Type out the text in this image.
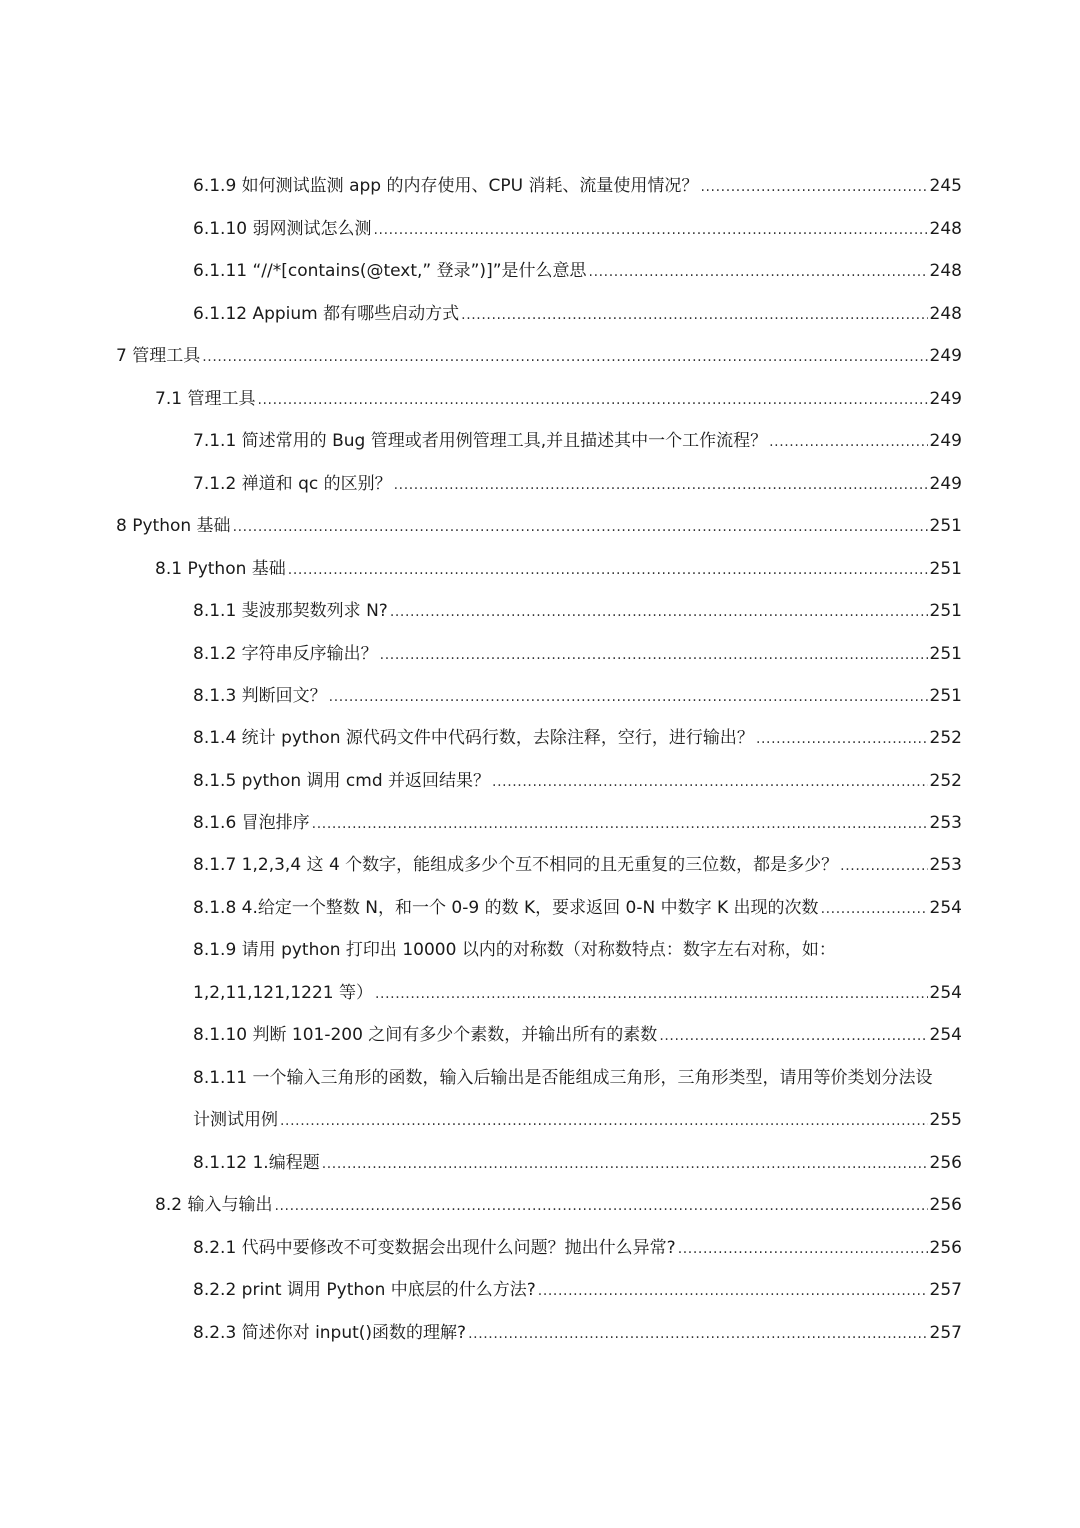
6.1.9 如何测试监测 app 的内存使用、CPU 消耗、流量使用情况？ .....	245
6.1.10 弱网测试怎么测 .....	248
6.1.11 “//*[contains(@text,” 登录”)]”是什么意思 .....	248
6.1.12 Appium 都有哪些启动方式 .....	248
7 管理工具 .....	249
7.1 管理工具 .....	249
7.1.1 简述常用的 Bug 管理或者用例管理工具,并且描述其中一个工作流程？ .....	249
7.1.2 禅道和 qc 的区别？ .....	249
8 Python 基础 .....	251
8.1 Python 基础 .....	251
8.1.1 斐波那契数列求 N? .....	251
8.1.2 字符串反序输出？ .....	251
8.1.3 判断回文？ .....	251
8.1.4 统计 python 源代码文件中代码行数，去除注释，空行，进行输出？ .....	252
8.1.5 python 调用 cmd 并返回结果？ .....	252
8.1.6 冒泡排序 .....	253
8.1.7 1,2,3,4 这 4 个数字，能组成多少个互不相同的且无重复的三位数，都是多少？ .....	253
8.1.8 4.给定一个整数 N，和一个 0-9 的数 K，要求返回 0-N 中数字 K 出现的次数 .....	254
8.1.9 请用 python 打印出 10000 以内的对称数（对称数特点：数字左右对称，如：
1,2,11,121,1221 等） .....	254
8.1.10 判断 101-200 之间有多少个素数，并输出所有的素数 .....	254
8.1.11 一个输入三角形的函数，输入后输出是否能组成三角形，三角形类型，请用等价类划分法设
计测试用例 .....	255
8.1.12 1.编程题 .....	256
8.2 输入与输出 .....	256
8.2.1 代码中要修改不可变数据会出现什么问题？抛出什么异常? .....	256
8.2.2 print 调用 Python 中底层的什么方法? .....	257
8.2.3 简述你对 input()函数的理解? .....	257
